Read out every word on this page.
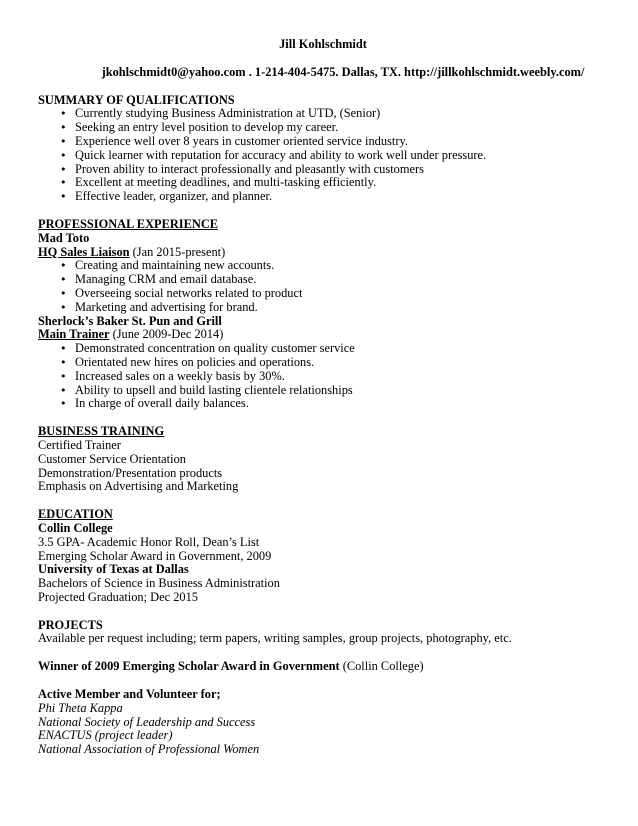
Jill Kohlschmidt
jkohlschmidt0@yahoo.com . 1-214-404-5475. Dallas, TX. http://jillkohlschmidt.weebly.com/
SUMMARY OF QUALIFICATIONS
• Currently studying Business Administration at UTD, (Senior)
• Seeking an entry level position to develop my career.
• Experience well over 8 years in customer oriented service industry.
• Quick learner with reputation for accuracy and ability to work well under pressure.
• Proven ability to interact professionally and pleasantly with customers
• Excellent at meeting deadlines, and multi-tasking efficiently.
• Effective leader, organizer, and planner.
PROFESSIONAL EXPERIENCE
Mad Toto
HQ Sales Liaison (Jan 2015-present)
• Creating and maintaining new accounts.
• Managing CRM and email database.
• Overseeing social networks related to product
• Marketing and advertising for brand.
Sherlock’s Baker St. Pun and Grill
Main Trainer (June 2009-Dec 2014)
• Demonstrated concentration on quality customer service
• Orientated new hires on policies and operations.
• Increased sales on a weekly basis by 30%.
• Ability to upsell and build lasting clientele relationships
• In charge of overall daily balances.
BUSINESS TRAINING
Certified Trainer
Customer Service Orientation
Demonstration/Presentation products
Emphasis on Advertising and Marketing
EDUCATION
Collin College
3.5 GPA- Academic Honor Roll, Dean’s List
Emerging Scholar Award in Government, 2009
University of Texas at Dallas
Bachelors of Science in Business Administration
Projected Graduation; Dec 2015
PROJECTS
Available per request including; term papers, writing samples, group projects, photography, etc.
Winner of 2009 Emerging Scholar Award in Government (Collin College)
Active Member and Volunteer for;
Phi Theta Kappa
National Society of Leadership and Success
ENACTUS (project leader)
National Association of Professional Women
